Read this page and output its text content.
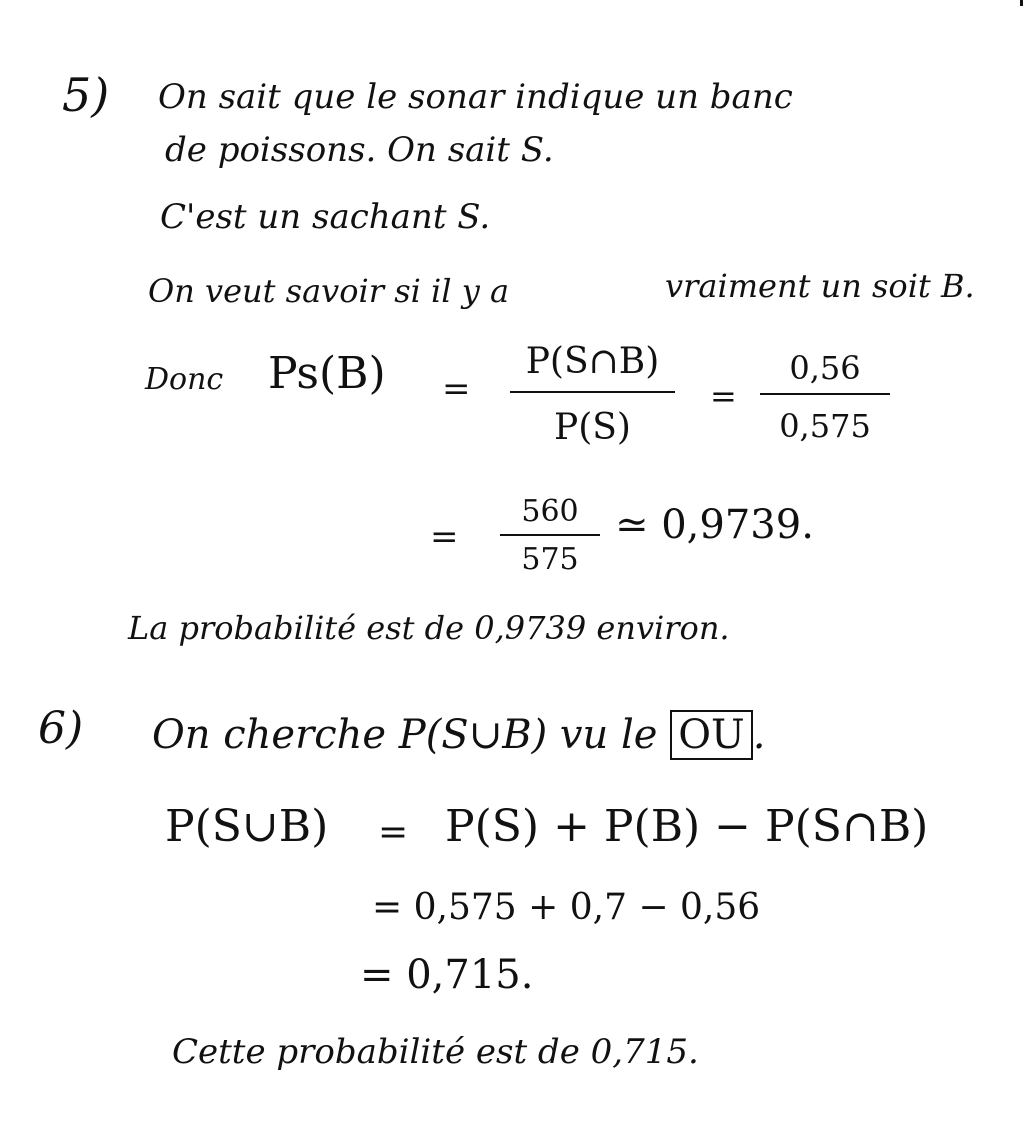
5) On sait que le sonar indique un banc
de poissons. On sait S.
C'est un sachant S.
On veut savoir si il y a	vraiment un soit B.
Donc Ps(B) =
P(S∩B)
P(S)
=
0,56
0,575
=
560
575
≃ 0,9739.
La probabilité est de 0,9739 environ.
6) On cherche P(S∪B) vu le OU .
P(S∪B) = P(S) + P(B) − P(S∩B)
= 0,575 + 0,7 − 0,56
= 0,715.
Cette probabilité est de 0,715.
